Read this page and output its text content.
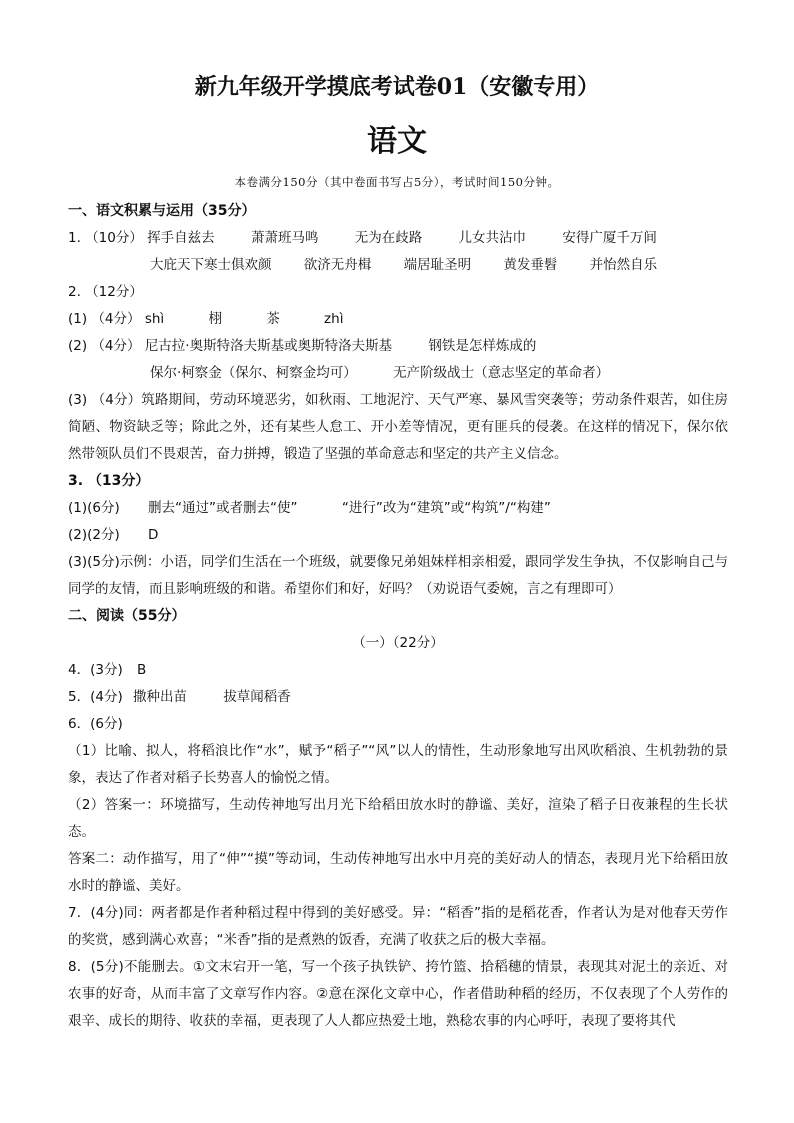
新九年级开学摸底考试卷01（安徽专用）
语文
本卷满分150分（其中卷面书写占5分），考试时间150分钟。
一、语文积累与运用（35分）
1. （10分） 挥手自兹去	萧萧班马鸣	无为在歧路	儿女共沾巾	安得广厦千万间
大庇天下寒士俱欢颜 欲济无舟楫 端居耻圣明 黄发垂髫 并怡然自乐
2. （12分）
(1) （4分） shì	栩	茶	zhì
(2) （4分） 尼古拉·奥斯特洛夫斯基或奥斯特洛夫斯基	钢铁是怎样炼成的
保尔·柯察金（保尔、柯察金均可）	无产阶级战士（意志坚定的革命者）
(3) （4分）筑路期间，劳动环境恶劣，如秋雨、工地泥泞、天气严寒、暴风雪突袭等；劳动条件艰苦，如住房简陋、物资缺乏等；除此之外，还有某些人怠工、开小差等情况，更有匪兵的侵袭。在这样的情况下，保尔依然带领队员们不畏艰苦，奋力拼搏，锻造了坚强的革命意志和坚定的共产主义信念。
3. （13分）
(1)(6分) 删去“通过”或者删去“使”	“进行”改为“建筑”或“构筑”/“构建”
(2)(2分) D
(3)(5分)示例：小语，同学们生活在一个班级，就要像兄弟姐妹样相亲相爱，跟同学发生争执，不仅影响自己与同学的友情，而且影响班级的和谐。希望你们和好，好吗？（劝说语气委婉，言之有理即可）
二、阅读（55分）
（一）（22分）
4．(3分) B
5．(4分) 撒种出苗	拔草闻稻香
6．(6分)
（1）比喻、拟人，将稻浪比作“水”，赋予“稻子”“风”以人的情性，生动形象地写出风吹稻浪、生机勃勃的景象，表达了作者对稻子长势喜人的愉悦之情。
（2）答案一：环境描写，生动传神地写出月光下给稻田放水时的静谧、美好，渲染了稻子日夜兼程的生长状态。
答案二：动作描写，用了“伸”“摸”等动词，生动传神地写出水中月亮的美好动人的情态，表现月光下给稻田放水时的静谧、美好。
7．(4分)同：两者都是作者种稻过程中得到的美好感受。异：“稻香”指的是稻花香，作者认为是对他春天劳作的奖赏，感到满心欢喜；“米香”指的是煮熟的饭香，充满了收获之后的极大幸福。
8．(5分)不能删去。①文末宕开一笔，写一个孩子执铁铲、挎竹篮、拾稻穗的情景，表现其对泥土的亲近、对农事的好奇，从而丰富了文章写作内容。②意在深化文章中心，作者借助种稻的经历，不仅表现了个人劳作的艰辛、成长的期待、收获的幸福，更表现了人人都应热爱土地，熟稔农事的内心呼吁，表现了要将其代
